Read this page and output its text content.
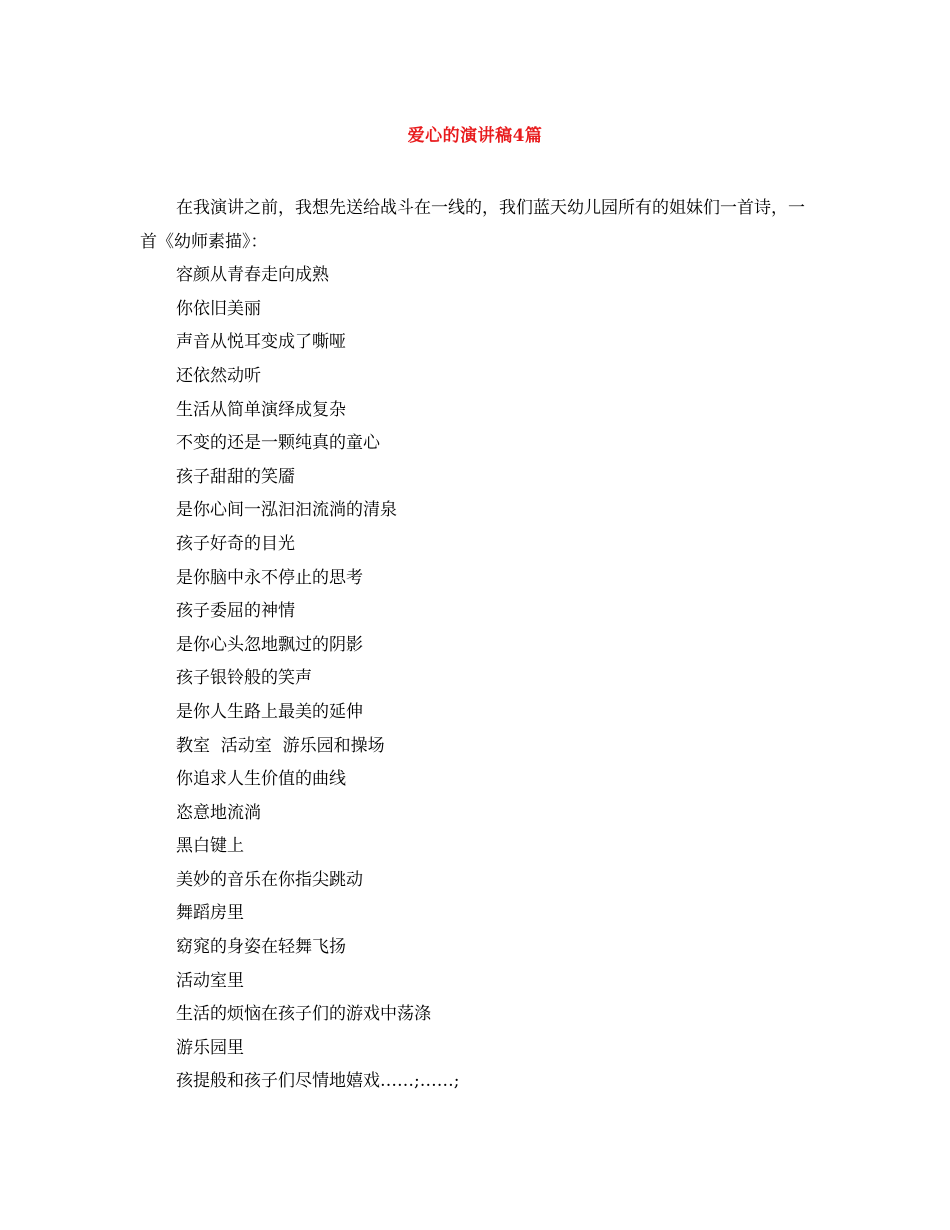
爱心的演讲稿4篇

在我演讲之前，我想先送给战斗在一线的，我们蓝天幼儿园所有的姐妹们一首诗，一首《幼师素描》：

容颜从青春走向成熟
你依旧美丽
声音从悦耳变成了嘶哑
还依然动听
生活从简单演绎成复杂
不变的还是一颗纯真的童心
孩子甜甜的笑靥
是你心间一泓汩汩流淌的清泉
孩子好奇的目光
是你脑中永不停止的思考
孩子委屈的神情
是你心头忽地飘过的阴影
孩子银铃般的笑声
是你人生路上最美的延伸
教室  活动室  游乐园和操场
你追求人生价值的曲线
恣意地流淌
黑白键上
美妙的音乐在你指尖跳动
舞蹈房里
窈窕的身姿在轻舞飞扬
活动室里
生活的烦恼在孩子们的游戏中荡涤
游乐园里
孩提般和孩子们尽情地嬉戏……;……;
